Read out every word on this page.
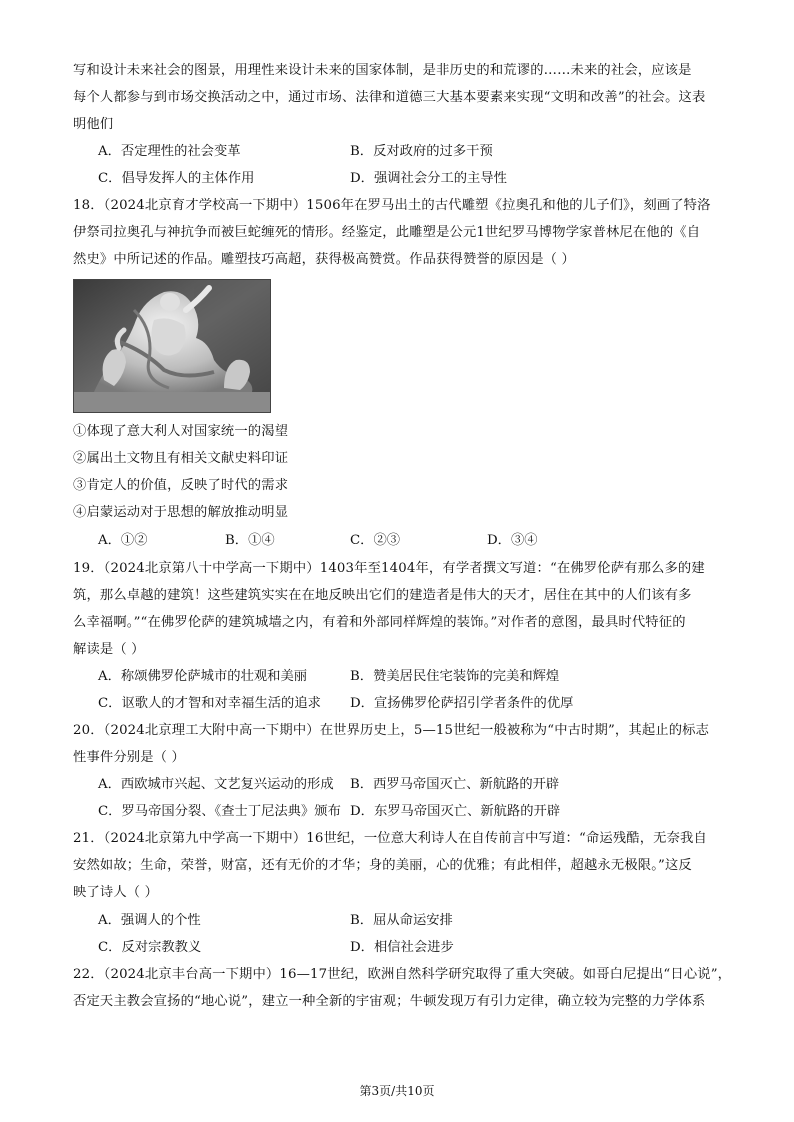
写和设计未来社会的图景，用理性来设计未来的国家体制，是非历史的和荒谬的……未来的社会，应该是
每个人都参与到市场交换活动之中，通过市场、法律和道德三大基本要素来实现“文明和改善”的社会。这表
明他们
A．否定理性的社会变革	B．反对政府的过多干预
C．倡导发挥人的主体作用	D．强调社会分工的主导性
18．（2024北京育才学校高一下期中）1506年在罗马出土的古代雕塑《拉奥孔和他的儿子们》，刻画了特洛
伊祭司拉奥孔与神抗争而被巨蛇缠死的情形。经鉴定，此雕塑是公元1世纪罗马博物学家普林尼在他的《自
然史》中所记述的作品。雕塑技巧高超，获得极高赞赏。作品获得赞誉的原因是（ ）
①体现了意大利人对国家统一的渴望
②属出土文物且有相关文献史料印证
③肯定人的价值，反映了时代的需求
④启蒙运动对于思想的解放推动明显
A．①②	B．①④	C．②③	D．③④
19．（2024北京第八十中学高一下期中）1403年至1404年，有学者撰文写道：“在佛罗伦萨有那么多的建
筑，那么卓越的建筑！这些建筑实实在在地反映出它们的建造者是伟大的天才，居住在其中的人们该有多
么幸福啊。”“在佛罗伦萨的建筑城墙之内，有着和外部同样辉煌的装饰。”对作者的意图，最具时代特征的
解读是（ ）
A．称颂佛罗伦萨城市的壮观和美丽	B．赞美居民住宅装饰的完美和辉煌
C．讴歌人的才智和对幸福生活的追求 D．宣扬佛罗伦萨招引学者条件的优厚
20．（2024北京理工大附中高一下期中）在世界历史上，5—15世纪一般被称为“中古时期”，其起止的标志
性事件分别是（ ）
A．西欧城市兴起、文艺复兴运动的形成 B．西罗马帝国灭亡、新航路的开辟
C．罗马帝国分裂、《查士丁尼法典》颁布 D．东罗马帝国灭亡、新航路的开辟
21．（2024北京第九中学高一下期中）16世纪，一位意大利诗人在自传前言中写道：“命运残酷，无奈我自
安然如故；生命，荣誉，财富，还有无价的才华；身的美丽，心的优雅；有此相伴，超越永无极限。”这反
映了诗人（ ）
A．强调人的个性	B．屈从命运安排
C．反对宗教教义	D．相信社会进步
22．（2024北京丰台高一下期中）16—17世纪，欧洲自然科学研究取得了重大突破。如哥白尼提出“日心说”，
否定天主教会宣扬的“地心说”，建立一种全新的宇宙观；牛顿发现万有引力定律，确立较为完整的力学体系
第3页/共10页
